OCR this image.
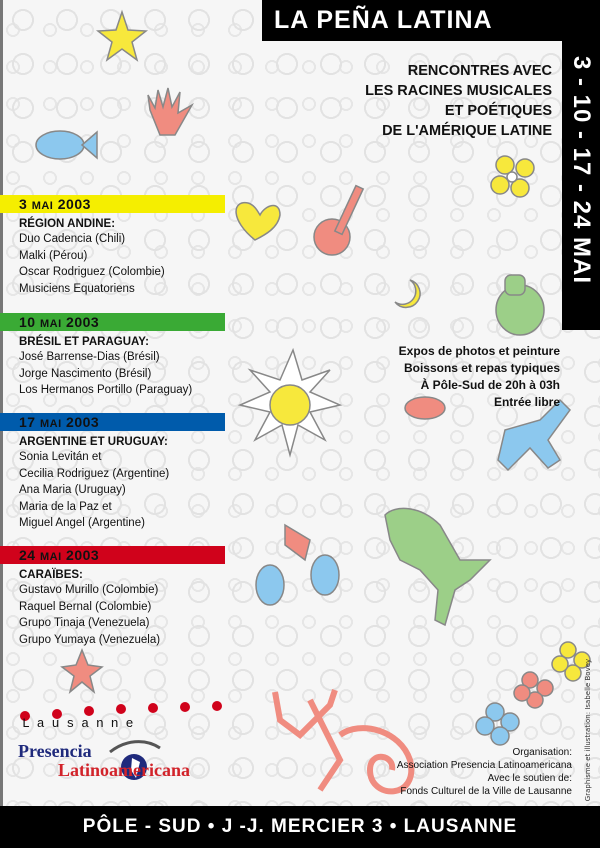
LA PEÑA LATINA
3 - 10 - 17 - 24 MAI
RENCONTRES AVEC
LES RACINES MUSICALES
ET POÉTIQUES
DE L'AMÉRIQUE LATINE
3 MAI 2003
RÉGION ANDINE:
Duo Cadencia (Chili)
Malki (Pérou)
Oscar Rodriguez (Colombie)
Musiciens Equatoriens
10 MAI 2003
BRÉSIL ET PARAGUAY:
José Barrense-Dias (Brésil)
Jorge Nascimento (Brésil)
Los Hermanos Portillo (Paraguay)
17 MAI 2003
ARGENTINE ET URUGUAY:
Sonia Levitán et
Cecilia Rodriguez (Argentine)
Ana Maria (Uruguay)
Maria de la Paz et
Miguel Angel (Argentine)
24 MAI 2003
CARAÏBES:
Gustavo Murillo (Colombie)
Raquel Bernal (Colombie)
Grupo Tinaja (Venezuela)
Grupo Yumaya (Venezuela)
Expos de photos et peinture
Boissons et repas typiques
À Pôle-Sud de 20h à 03h
Entrée libre
Lausanne
Presencia
Latinoamericana
Organisation:
Association Presencia Latinoamericana
Avec le soutien de:
Fonds Culturel de la Ville de Lausanne Graphisme et illustration: Isabelle Bovey
PÔLE - SUD • J -J. MERCIER 3 • LAUSANNE
